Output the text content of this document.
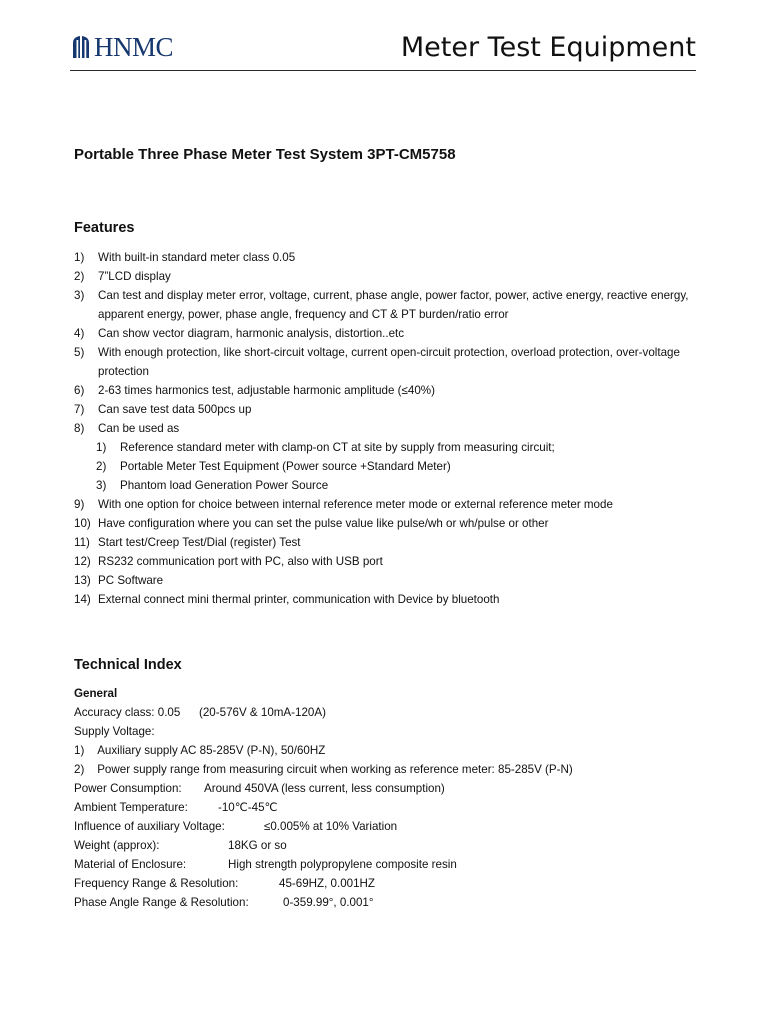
HNMC	Meter Test Equipment
Portable Three Phase Meter Test System 3PT-CM5758
Features
1) With built-in standard meter class 0.05
2) 7”LCD display
3) Can test and display meter error, voltage, current, phase angle, power factor, power, active energy, reactive energy, apparent energy, power, phase angle, frequency and CT & PT burden/ratio error
4) Can show vector diagram, harmonic analysis, distortion..etc
5) With enough protection, like short-circuit voltage, current open-circuit protection, overload protection, over-voltage protection
6) 2-63 times harmonics test, adjustable harmonic amplitude (≤40%)
7) Can save test data 500pcs up
8) Can be used as
1) Reference standard meter with clamp-on CT at site by supply from measuring circuit;
2) Portable Meter Test Equipment (Power source +Standard Meter)
3) Phantom load Generation Power Source
9) With one option for choice between internal reference meter mode or external reference meter mode
10) Have configuration where you can set the pulse value like pulse/wh or wh/pulse or other
11) Start test/Creep Test/Dial (register) Test
12) RS232 communication port with PC, also with USB port
13) PC Software
14) External connect mini thermal printer, communication with Device by bluetooth
Technical Index
General
Accuracy class: 0.05 (20-576V & 10mA-120A)
Supply Voltage:
1)    Auxiliary supply AC 85-285V (P-N), 50/60HZ
2)    Power supply range from measuring circuit when working as reference meter: 85-285V (P-N)
Power Consumption: Around 450VA (less current, less consumption)
Ambient Temperature:	-10℃-45℃
Influence of auxiliary Voltage:	≤0.005% at 10% Variation
Weight (approx):	18KG or so
Material of Enclosure:	High strength polypropylene composite resin
Frequency Range & Resolution:	45-69HZ, 0.001HZ
Phase Angle Range & Resolution:	0-359.99°, 0.001°
